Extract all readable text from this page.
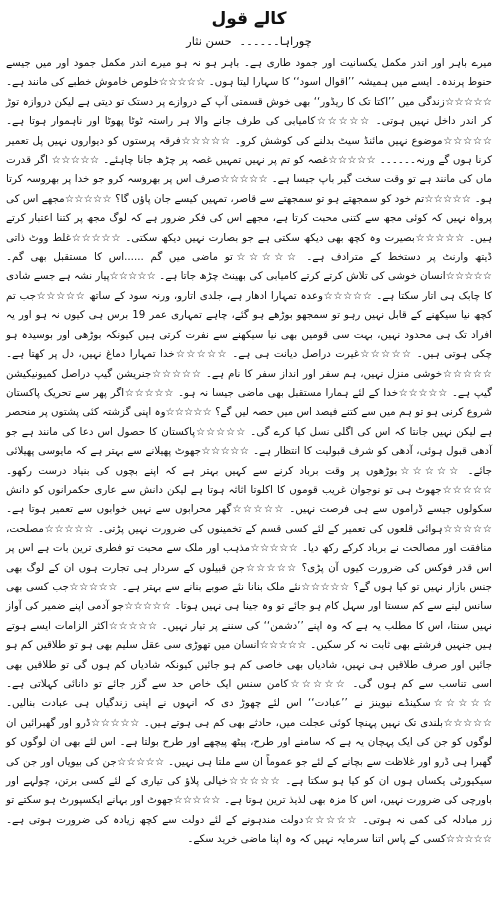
کالے قول
چوراہا۔۔۔۔۔۔ حسن نثار

میرے باہر اور اندر مکمل یکسانیت اور جمود طاری ہے۔ باہر ہو نہ ہو میرے اندر مکمل جمود اور میں جیسے حنوط پرندہ۔ ایسے میں ہمیشہ ’’اقوال اسود‘‘ کا سہارا لیتا ہوں۔ ☆☆☆☆☆خلوص خاموش خطبے کی مانند ہے۔ ☆☆☆☆☆زندگی میں ’’اکتا تک کا ریڈور‘‘ بھی خوش قسمتی آپ کے دروازے پر دستک تو دیتی ہے لیکن دروازہ توڑ کر اندر داخل نہیں ہوتی۔ ☆☆☆☆☆کامیابی کی طرف جانے والا ہر راستہ ٹوٹا پھوٹا اور ناہموار ہوتا ہے۔ ☆☆☆☆☆موضوع نہیں مائنڈ سیٹ بدلنے کی کوشش کرو۔ ☆☆☆☆☆فرقہ پرستوں کو دیواروں نہیں پل تعمیر کرنا ہوں گے ورنہ۔۔۔۔۔۔ ☆☆☆☆☆غصہ کو تم پر نہیں تمہیں غصہ پر چڑھ جانا چاہئے۔ ☆☆☆☆☆ اگر قدرت ماں کی مانند ہے تو وقت سخت گیر باپ جیسا ہے۔ ☆☆☆☆☆صرف اس پر بھروسہ کرو جو خدا پر بھروسہ کرتا ہو۔ ☆☆☆☆☆تم خود کو سمجھتے ہو تو سمجھتے سے قاصر، تمہیں کیسے جان پاؤں گا؟ ☆☆☆☆☆مجھے اس کی پرواہ نہیں کہ کوئی مجھ سے کتنی محبت کرتا ہے، مجھے اس کی فکر ضرور ہے کہ لوگ مجھ پر کتنا اعتبار کرتے ہیں۔ ☆☆☆☆☆بصیرت وہ کچھ بھی دیکھ سکتی ہے جو بصارت نہیں دیکھ سکتی۔ ☆☆☆☆☆غلط ووٹ ذاتی ڈیتھ وارنٹ پر دستخط کے مترادف ہے۔ ☆☆☆☆☆تو ماضی میں گم ......اس کا مستقبل بھی گم۔ ☆☆☆☆☆انسان خوشی کی تلاش کرتے کرتے کامیابی کی بھینٹ چڑھ جاتا ہے۔ ☆☆☆☆☆پیار نشہ ہے جسے شادی کا چابک ہی اتار سکتا ہے۔ ☆☆☆☆☆وعدہ تمہارا ادھار ہے، جلدی اتارو، ورنہ سود کے ساتھ ☆☆☆☆☆جب تم کچھ نیا سیکھنے کے قابل نہیں رہو تو سمجھو بوڑھے ہو گئے، چاہے تمہاری عمر 19 برس ہی کیوں نہ ہو اور یہ افراد تک ہی محدود نہیں، بہت سی قومیں بھی نیا سیکھنے سے نفرت کرتی ہیں کیونکہ بوڑھی اور بوسیدہ ہو چکی ہوتی ہیں۔ ☆☆☆☆☆غیرت دراصل دیانت ہی ہے۔ ☆☆☆☆☆خدا تمہارا دماغ نہیں، دل پر کھتا ہے۔ ☆☆☆☆☆خوشی منزل نہیں، ہم سفر اور انداز سفر کا نام ہے۔ ☆☆☆☆☆جنریشن گیپ دراصل کمیونیکیشن گیپ ہے۔ ☆☆☆☆☆خدا کے لئے ہمارا مستقبل بھی ماضی جیسا نہ ہو۔ ☆☆☆☆☆اگر پھر سے تحریک پاکستان شروع کرنی ہو تو ہم میں سے کتنے فیصد اس میں حصہ لیں گے؟ ☆☆☆☆☆وہ اپنی گزشتہ کئی پشتوں پر منحصر ہے لیکن نہیں جانتا کہ اس کی اگلی نسل کیا کرے گی۔ ☆☆☆☆☆پاکستان کا حصول اس دعا کی مانند ہے جو آدھی قبول ہوئی، آدھی کو شرف قبولیت کا انتظار ہے۔ ☆☆☆☆☆جھوٹ پھیلانے سے بہتر ہے کہ مایوسی پھیلائی جائے۔ ☆☆☆☆☆بوڑھوں پر وقت برباد کرنے سے کہیں بہتر ہے کہ اپنے بچوں کی بنیاد درست رکھو۔ ☆☆☆☆☆جھوٹ ہی تو نوجوان غریب قوموں کا اکلوتا اثاثہ ہوتا ہے لیکن دانش سے عاری حکمرانوں کو دانش سکولوں جیسے ڈراموں سے ہی فرصت نہیں۔ ☆☆☆☆☆گھر محرابوں سے نہیں خوابوں سے تعمیر ہوتا ہے۔ ☆☆☆☆☆ہوائی قلعوں کی تعمیر کے لئے کسی قسم کے تخمینوں کی ضرورت نہیں پڑتی۔ ☆☆☆☆☆مصلحت، منافقت اور مصالحت نے برباد کرکے رکھ دیا۔ ☆☆☆☆☆مذہب اور ملک سے محبت تو فطری ترین بات ہے اس پر اس قدر فوکس کی ضرورت کیوں آن پڑی؟ ☆☆☆☆☆جن قبیلوں کے سردار ہی تجارت ہوں ان کے لوگ بھی جنس بازار نہیں تو کیا ہوں گے؟ ☆☆☆☆☆نئے ملک بنانا نئے صوبے بنانے سے بہتر ہے۔ ☆☆☆☆☆جب کسی بھی سانس لینے سے کم سستا اور سہل کام ہو جائے تو وہ جینا ہی نہیں ہوتا۔ ☆☆☆☆☆جو آدمی اپنے ضمیر کی آواز نہیں سنتا، اس کا مطلب یہ ہے کہ وہ اپنے ’’دشمن‘‘ کی سننے پر تیار نہیں۔ ☆☆☆☆☆اکثر الزامات ایسے ہوتے ہیں جنہیں فرشتے بھی ثابت نہ کر سکیں۔ ☆☆☆☆☆انسان میں تھوڑی سی عقل سلیم بھی ہو تو طلاقیں کم ہو جائیں اور صرف طلاقیں ہی نہیں، شادیاں بھی خاصی کم ہو جائیں کیونکہ شادیاں کم ہوں گی تو طلاقیں بھی اسی تناسب سے کم ہوں گی۔ ☆☆☆☆☆کامن سنس ایک خاص حد سے گزر جائے تو دانائی کہلاتی ہے۔ ☆☆☆☆☆سکینڈے نیوینز نے ’’عبادت‘‘ اس لئے چھوڑ دی کہ انہوں نے اپنی زندگیاں ہی عبادت بنالیں۔ ☆☆☆☆☆بلندی تک نہیں پہنچا کوئی عجلت میں، حادثے بھی کم ہی ہوتے ہیں۔ ☆☆☆☆☆ڈرو اور گھبرائیں ان لوگوں کو جن کی ایک پہچان یہ ہے کہ سامنے اور طرح، پیٹھ پیچھے اور طرح بولتا ہے۔ اس لئے بھی ان لوگوں کو گھبرا ہی ڈرو اور غلاظت سے بچانے کے لئے جو عموماً ان سے ملتا ہی نہیں۔ ☆☆☆☆☆جن کی بیویاں اور جن کی سیکیورٹی یکساں ہوں ان کو کیا ہو سکتا ہے۔ ☆☆☆☆☆خیالی پلاؤ کی تیاری کے لئے کسی برتن، چولہے اور باورچی کی ضرورت نہیں، اس کا مزہ بھی لذیذ ترین ہوتا ہے۔ ☆☆☆☆☆جھوٹ اور بہانے ایکسپورٹ ہو سکتے تو زر مبادلہ کی کمی نہ ہوتی۔ ☆☆☆☆☆دولت مندہونے کے لئے دولت سے کچھ زیادہ کی ضرورت ہوتی ہے۔ ☆☆☆☆☆کسی کے پاس اتنا سرمایہ نہیں کہ وہ اپنا ماضی خرید سکے۔
